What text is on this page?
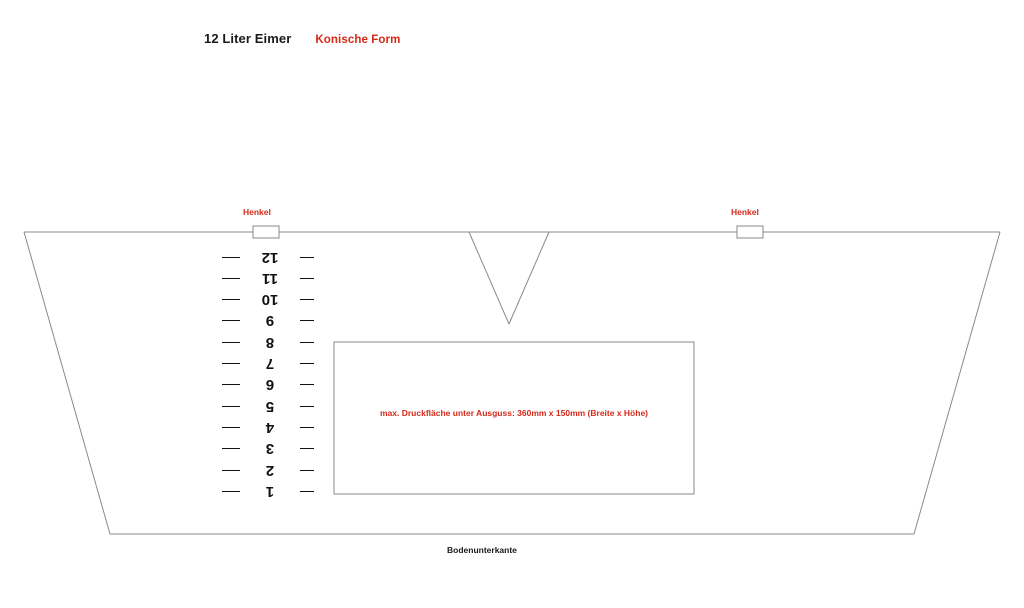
12 Liter Eimer Konische Form
Henkel	Henkel
max. Druckfläche unter Ausguss: 360mm x 150mm (Breite x Höhe)
Bodenunterkante
12
11
10
9
8
7
6
5
4
3
2
1
